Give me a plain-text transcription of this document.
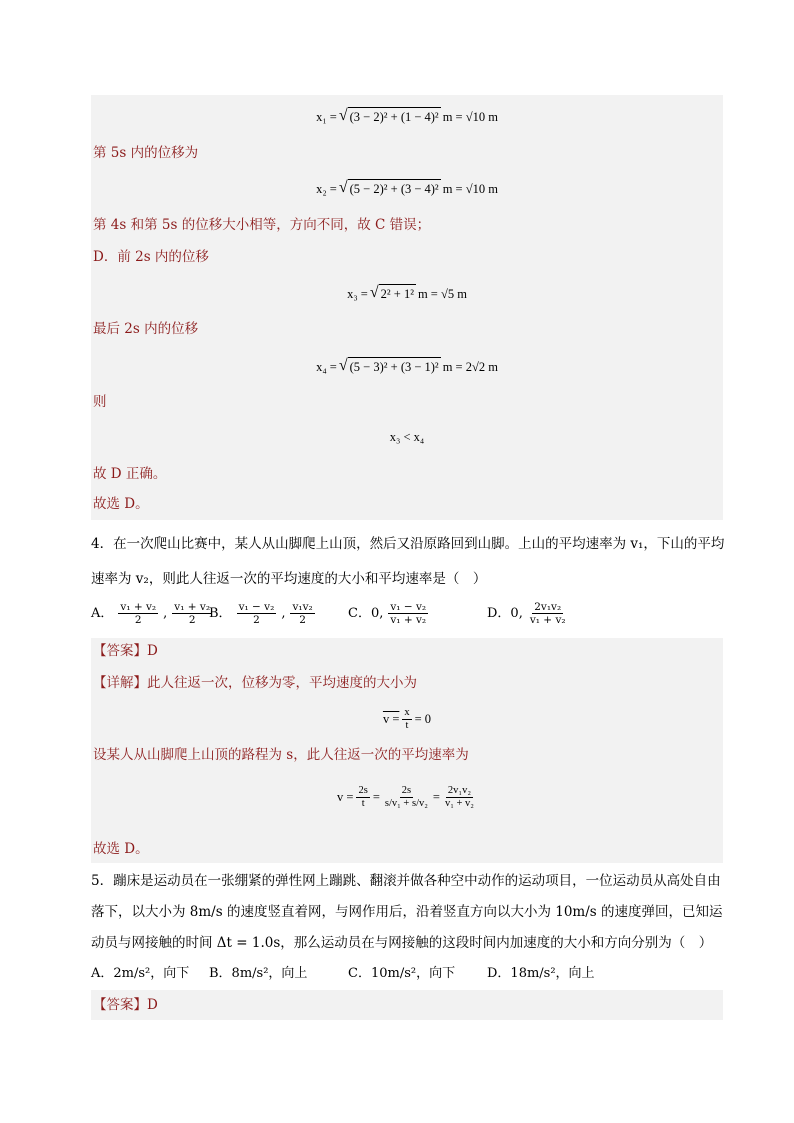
x₁ = √ (3 − 2)² + (1 − 4)² m = √10 m
第 5s 内的位移为
x₂ = √ (5 − 2)² + (3 − 4)² m = √10 m
第 4s 和第 5s 的位移大小相等，方向不同，故 C 错误；
D．前 2s 内的位移
x₃ = √ 2² + 1² m = √5 m
最后 2s 内的位移
x₄ = √ (5 − 3)² + (3 − 1)² m = 2√2 m
则
x₃ < x₄
故 D 正确。
故选 D。
4．在一次爬山比赛中，某人从山脚爬上山顶，然后又沿原路回到山脚。上山的平均速率为 v₁，下山的平均
速率为 v₂，则此人往返一次的平均速度的大小和平均速率是（　）
A． $\frac{\text{v₁ + v₂}}{2}$ , $\frac{\text{v₁ + v₂}}{2}$
B． $\frac{\text{v₁ − v₂}}{2}$ , $\frac{\text{v₁v₂}}{2}$	C．0, $\frac{\text{v₁ − v₂}}{\text{v₁ + v₂}}$	D．0, $\frac{\text{2v₁v₂}}{\text{v₁ + v₂}}$
【答案】D
【详解】此人往返一次，位移为零，平均速度的大小为
$v = \frac{x}{t} = 0$
设某人从山脚爬上山顶的路程为 s，此人往返一次的平均速率为
$v = \frac{2s}{t} = \frac{2s}{\text{s/v₁ + s/v₂}} = \frac{\text{2v₁v₂}}{\text{v₁ + v₂}}$
故选 D。
5．蹦床是运动员在一张绷紧的弹性网上蹦跳、翻滚并做各种空中动作的运动项目，一位运动员从高处自由
落下，以大小为 8m/s 的速度竖直着网，与网作用后，沿着竖直方向以大小为 10m/s 的速度弹回，已知运
动员与网接触的时间 Δt = 1.0s，那么运动员在与网接触的这段时间内加速度的大小和方向分别为（　）
A．2m/s²，向下 B．8m/s²，向上	C．10m/s²，向下 D．18m/s²，向上
【答案】D
